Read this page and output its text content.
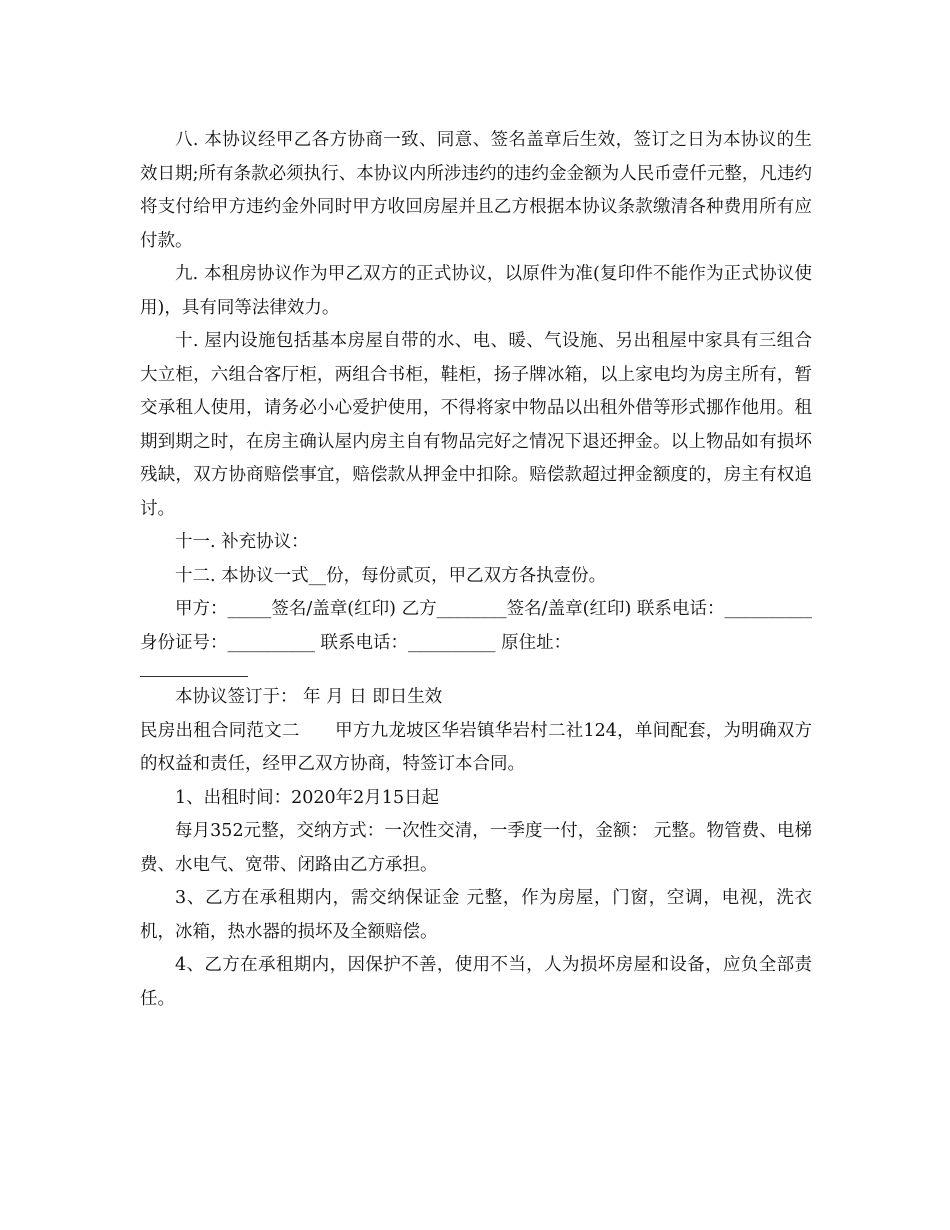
八. 本协议经甲乙各方协商一致、同意、签名盖章后生效，签订之日为本协议的生效日期;所有条款必须执行、本协议内所涉违约的违约金金额为人民币壹仟元整，凡违约将支付给甲方违约金外同时甲方收回房屋并且乙方根据本协议条款缴清各种费用所有应付款。

九. 本租房协议作为甲乙双方的正式协议，以原件为准(复印件不能作为正式协议使用)，具有同等法律效力。

十. 屋内设施包括基本房屋自带的水、电、暖、气设施、另出租屋中家具有三组合大立柜，六组合客厅柜，两组合书柜，鞋柜，扬子牌冰箱，以上家电均为房主所有，暂交承租人使用，请务必小心爱护使用，不得将家中物品以出租外借等形式挪作他用。租期到期之时，在房主确认屋内房主自有物品完好之情况下退还押金。以上物品如有损坏残缺，双方协商赔偿事宜，赔偿款从押金中扣除。赔偿款超过押金额度的，房主有权追讨。

十一. 补充协议：

十二. 本协议一式__份，每份贰页，甲乙双方各执壹份。

甲方：_____签名/盖章(红印) 乙方________签名/盖章(红印) 联系电话：__________ 身份证号：__________ 联系电话：__________ 原住址：

本协议签订于： 年 月 日 即日生效

民房出租合同范文二　　甲方九龙坡区华岩镇华岩村二社124，单间配套，为明确双方的权益和责任，经甲乙双方协商，特签订本合同。

1、出租时间：2020年2月15日起

每月352元整，交纳方式：一次性交清，一季度一付，金额： 元整。物管费、电梯费、水电气、宽带、闭路由乙方承担。

3、乙方在承租期内，需交纳保证金 元整，作为房屋，门窗，空调，电视，洗衣机，冰箱，热水器的损坏及全额赔偿。

4、乙方在承租期内，因保护不善，使用不当，人为损坏房屋和设备，应负全部责任。
